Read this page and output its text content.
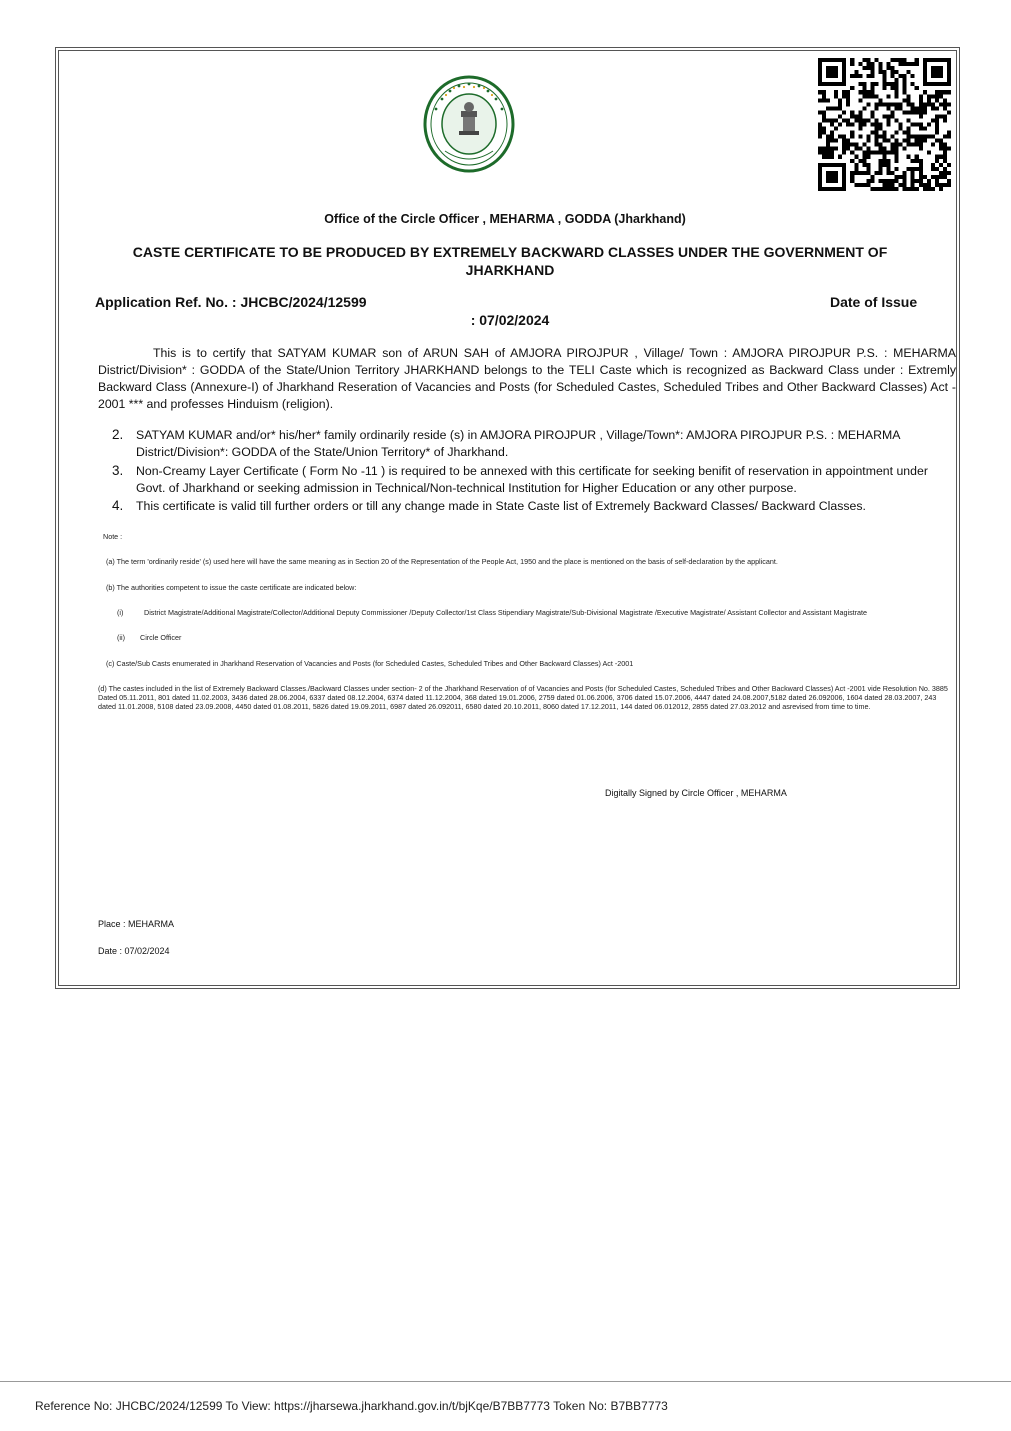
Office of the Circle Officer , MEHARMA , GODDA (Jharkhand)
CASTE CERTIFICATE TO BE PRODUCED BY EXTREMELY BACKWARD CLASSES UNDER THE GOVERNMENT OF JHARKHAND
Application Ref. No. : JHCBC/2024/12599	Date of Issue
: 07/02/2024
This is to certify that SATYAM KUMAR son of ARUN SAH of AMJORA PIROJPUR , Village/ Town : AMJORA PIROJPUR P.S. : MEHARMA District/Division* : GODDA of the State/Union Territory JHARKHAND belongs to the TELI Caste which is recognized as Backward Class under : Extremly Backward Class (Annexure-I) of Jharkhand Reseration of Vacancies and Posts (for Scheduled Castes, Scheduled Tribes and Other Backward Classes) Act - 2001 *** and professes Hinduism (religion).
2. SATYAM KUMAR and/or* his/her* family ordinarily reside (s) in AMJORA PIROJPUR , Village/Town*: AMJORA PIROJPUR P.S. : MEHARMA District/Division*: GODDA of the State/Union Territory* of Jharkhand.
3. Non-Creamy Layer Certificate ( Form No -11 ) is required to be annexed with this certificate for seeking benifit of reservation in appointment under Govt. of Jharkhand or seeking admission in Technical/Non-technical Institution for Higher Education or any other purpose.
4. This certificate is valid till further orders or till any change made in State Caste list of Extremely Backward Classes/ Backward Classes.
Note :
(a) The term 'ordinarily reside' (s) used here will have the same meaning as in Section 20 of the Representation of the People Act, 1950 and the place is mentioned on the basis of self-declaration by the applicant.
(b) The authorities competent to issue the caste certificate are indicated below:
(i)	District Magistrate/Additional Magistrate/Collector/Additional Deputy Commissioner /Deputy Collector/1st Class Stipendiary Magistrate/Sub-Divisional Magistrate /Executive Magistrate/ Assistant Collector and Assistant Magistrate
(ii) Circle Officer
(c) Caste/Sub Casts enumerated in Jharkhand Reservation of Vacancies and Posts (for Scheduled Castes, Scheduled Tribes and Other Backward Classes) Act -2001
(d) The castes included in the list of Extremely Backward Classes./Backward Classes under section- 2 of the Jharkhand Reservation of of Vacancies and Posts (for Scheduled Castes, Scheduled Tribes and Other Backward Classes) Act -2001 vide Resolution No. 3885 Dated 05.11.2011, 801 dated 11.02.2003, 3436 dated 28.06.2004, 6337 dated 08.12.2004, 6374 dated 11.12.2004, 368 dated 19.01.2006, 2759 dated 01.06.2006, 3706 dated 15.07.2006, 4447 dated 24.08.2007,5182 dated 26.092006, 1604 dated 28.03.2007, 243 dated 11.01.2008, 5108 dated 23.09.2008, 4450 dated 01.08.2011, 5826 dated 19.09.2011, 6987 dated 26.092011, 6580 dated 20.10.2011, 8060 dated 17.12.2011, 144 dated 06.012012, 2855 dated 27.03.2012 and asrevised from time to time.
Digitally Signed by Circle Officer , MEHARMA
Place : MEHARMA
Date : 07/02/2024
Reference No: JHCBC/2024/12599 To View: https://jharsewa.jharkhand.gov.in/t/bjKqe/B7BB7773 Token No: B7BB7773
